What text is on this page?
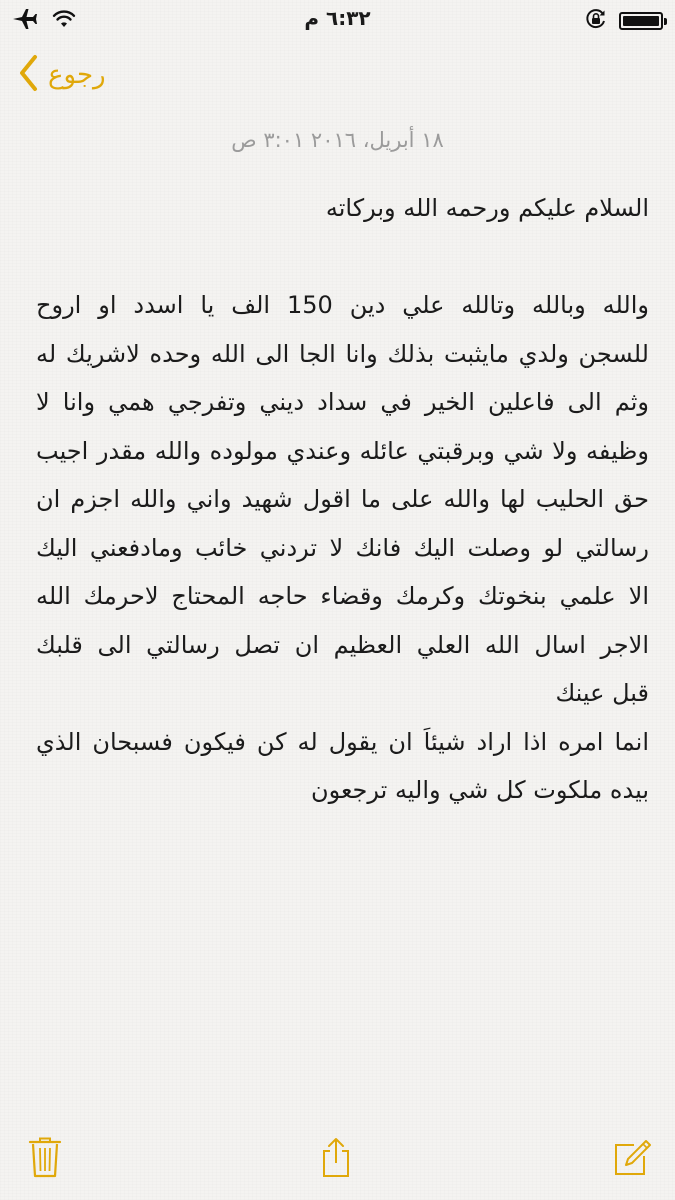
٦:٣٢ م
رجوع
١٨ أبريل، ٢٠١٦ ٣:٠١ ص
السلام عليكم ورحمه الله وبركاته
والله وبالله وتالله علي دين 150 الف يا اسدد او اروح
للسجن ولدي مايثبت بذلك وانا الجا الى الله وحده لاشريك له
وثم الى فاعلين الخير في سداد ديني وتفرجي همي وانا لا
وظيفه ولا شي وبرقبتي عائله وعندي مولوده والله مقدر اجيب
حق الحليب لها والله على ما اقول شهيد واني والله اجزم ان
رسالتي لو وصلت اليك فانك لا تردني خائب ومادفعني اليك
الا علمي بنخوتك وكرمك وقضاء حاجه المحتاج لاحرمك الله
الاجر اسال الله العلي العظيم ان تصل رسالتي الى قلبك
قبل عينك
انما امره اذا اراد شيئاَ ان يقول له كن فيكون فسبحان الذي
بيده ملكوت كل شي واليه ترجعون
